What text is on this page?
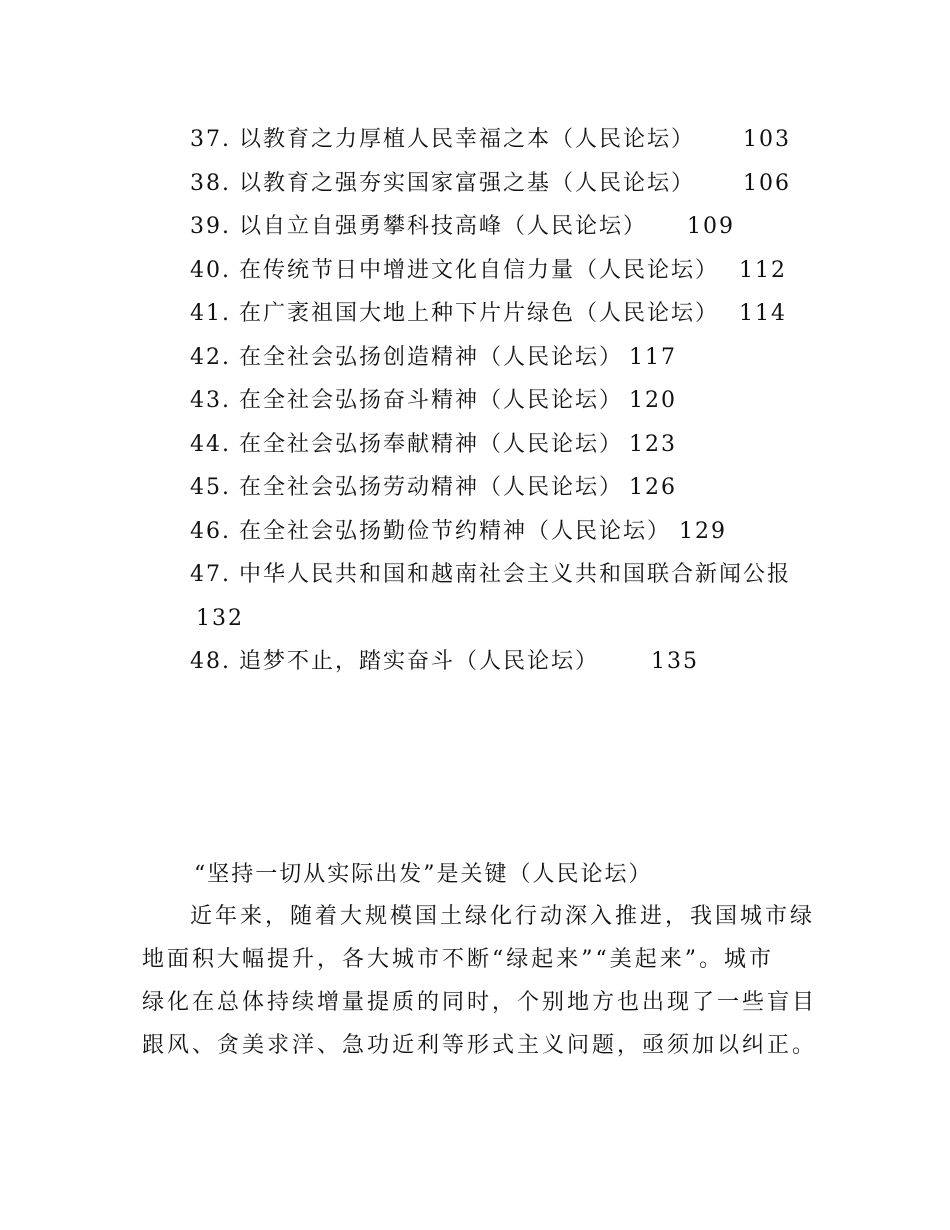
37. 以教育之力厚植人民幸福之本（人民论坛） 103
38. 以教育之强夯实国家富强之基（人民论坛） 106
39. 以自立自强勇攀科技高峰（人民论坛） 109
40. 在传统节日中增进文化自信力量（人民论坛） 112
41. 在广袤祖国大地上种下片片绿色（人民论坛） 114
42. 在全社会弘扬创造精神（人民论坛） 117
43. 在全社会弘扬奋斗精神（人民论坛） 120
44. 在全社会弘扬奉献精神（人民论坛） 123
45. 在全社会弘扬劳动精神（人民论坛） 126
46. 在全社会弘扬勤俭节约精神（人民论坛） 129
47. 中华人民共和国和越南社会主义共和国联合新闻公报
132
48. 追梦不止，踏实奋斗（人民论坛） 135
“坚持一切从实际出发”是关键（人民论坛）
近年来，随着大规模国土绿化行动深入推进，我国城市绿
地面积大幅提升，各大城市不断“绿起来”“美起来”。城市
绿化在总体持续增量提质的同时，个别地方也出现了一些盲目
跟风、贪美求洋、急功近利等形式主义问题，亟须加以纠正。
